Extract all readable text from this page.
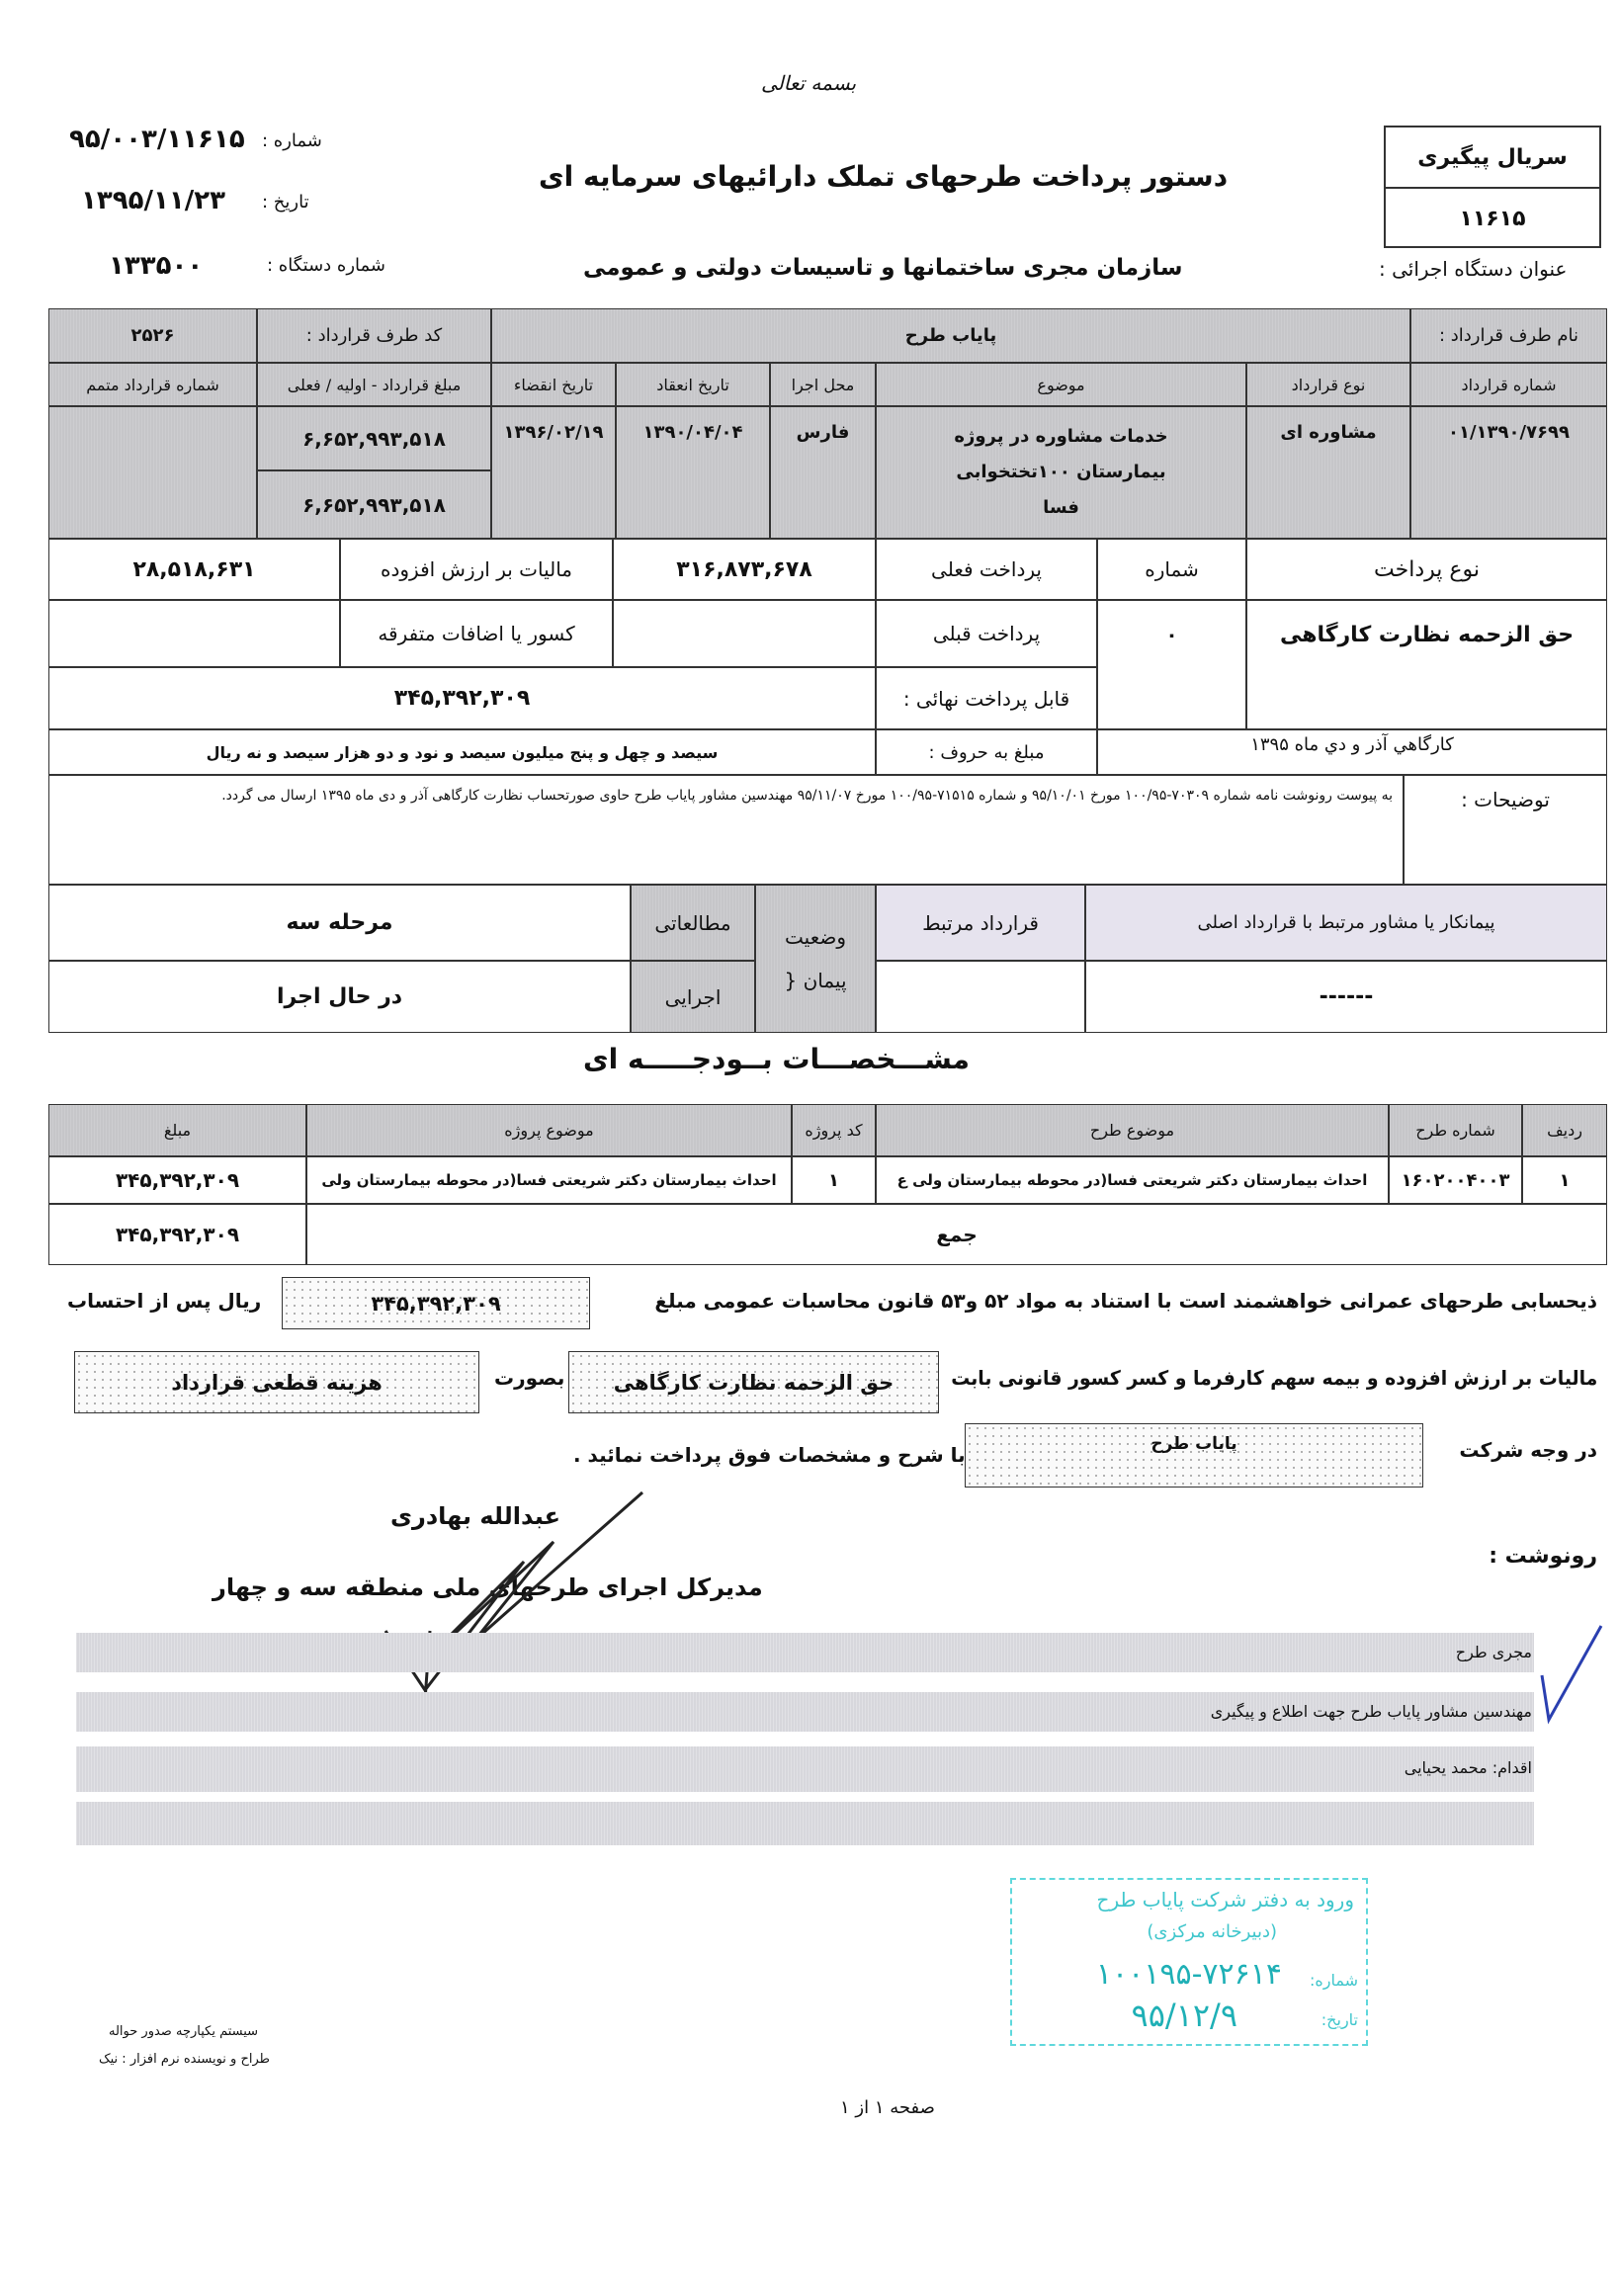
بسمه تعالی
شماره :
۹۵/۰۰۳/۱۱۶۱۵
تاریخ :
۱۳۹۵/۱۱/۲۳
شماره دستگاه :
۱۳۳۵۰۰
دستور پرداخت طرحهای تملک دارائیهای سرمایه ای
سازمان مجری ساختمانها و تاسیسات دولتی و عمومی	عنوان دستگاه اجرائی :
سریال پیگیری
۱۱۶۱۵
نام طرف قرارداد :
پایاب طرح
کد طرف قرارداد :
۲۵۲۶
شماره قرارداد
نوع قرارداد
موضوع
محل اجرا
تاریخ انعقاد
تاریخ انقضاء
مبلغ قرارداد - اولیه / فعلی
شماره قرارداد متمم
۰۱/۱۳۹۰/۷۶۹۹
مشاوره ای
خدمات مشاوره در پروژه بیمارستان ۱۰۰تختخوابی فسا
فارس
۱۳۹۰/۰۴/۰۴
۱۳۹۶/۰۲/۱۹
۶,۶۵۲,۹۹۳,۵۱۸
۶,۶۵۲,۹۹۳,۵۱۸
نوع پرداخت
شماره
پرداخت فعلی
۳۱۶,۸۷۳,۶۷۸
مالیات بر ارزش افزوده
۲۸,۵۱۸,۶۳۱
حق الزحمه نظارت کارگاهی
۰
پرداخت قبلی
کسور یا اضافات متفرقه
قابل پرداخت نهائی :
۳۴۵,۳۹۲,۳۰۹
کارگاهي آذر و دي ماه ۱۳۹۵
مبلغ به حروف :
سیصد و چهل و پنج میلیون سیصد و نود و دو هزار سیصد و نه ریال
توضیحات :
به پیوست رونوشت نامه شماره ۷۰۳۰۹-۱۰۰/۹۵ مورخ ۹۵/۱۰/۰۱ و شماره ۷۱۵۱۵-۱۰۰/۹۵ مورخ ۹۵/۱۱/۰۷ مهندسین مشاور پایاب طرح حاوی صورتحساب نظارت کارگاهی آذر و دی ماه ۱۳۹۵ ارسال می گردد.
پیمانکار یا مشاور مرتبط با قرارداد اصلی
قرارداد مرتبط
وضعیت پیمان {
مطالعاتی
مرحله سه
------
اجرایی
در حال اجرا
مشـــخصـــات بــودجـــــه ای
ردیف
شماره طرح
موضوع طرح
کد پروژه
موضوع پروژه
مبلغ
۱
۱۶۰۲۰۰۴۰۰۳
احداث بیمارستان دکتر شریعتی فسا(در محوطه بیمارستان ولی ع
۱
احداث بیمارستان دکتر شریعتی فسا(در محوطه بیمارستان ولی
۳۴۵,۳۹۲,۳۰۹
جمع
۳۴۵,۳۹۲,۳۰۹
ذیحسابی طرحهای عمرانی خواهشمند است با استناد به مواد ۵۲ و۵۳ قانون محاسبات عمومی مبلغ
۳۴۵,۳۹۲,۳۰۹
ریال پس از احتساب
مالیات بر ارزش افزوده و بیمه سهم کارفرما و کسر کسور قانونی بابت
حق الزحمه نظارت کارگاهی
بصورت
هزینه قطعی قرارداد
در وجه شرکت
پایاب طرح
با شرح و مشخصات فوق پرداخت نمائید .
عبدالله بهادری
مدیرکل اجرای طرحهای ملی منطقه سه و چهار
رونوشت :
مجری طرح
مهندسین مشاور پایاب طرح جهت اطلاع و پیگیری
اقدام: محمد یحیایی
ورود به دفتر شرکت پایاب طرح
(دبیرخانه مرکزی)
شماره:
۱۰۰۱۹۵-۷۲۶۱۴
تاریخ:
۹۵/۱۲/۹
سیستم یکپارچه صدور حواله
طراح و نویسنده نرم افزار : نیک
صفحه ۱ از ۱
